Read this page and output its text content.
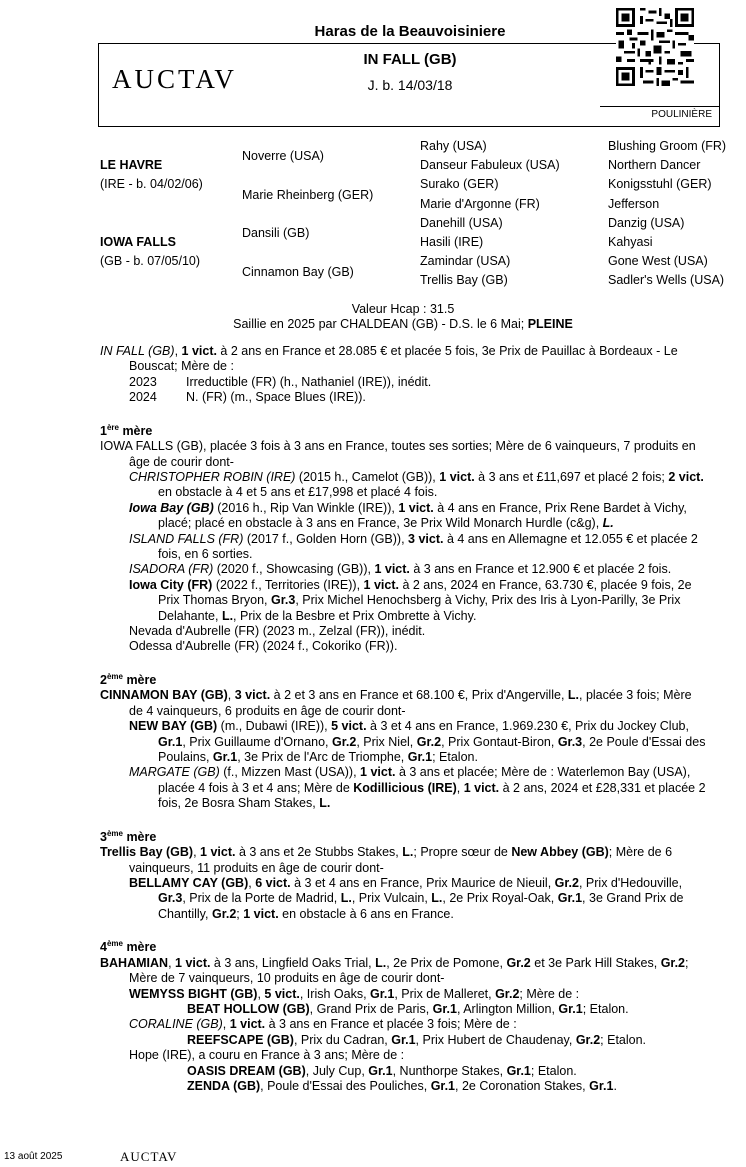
Haras de la Beauvoisiniere
AUCTAV
IN FALL (GB)
J. b. 14/03/18
POULINIÈRE
LE HAVRE
(IRE - b. 04/02/06)
IOWA FALLS
(GB - b. 07/05/10)
Noverre (USA)
Marie Rheinberg (GER)
Dansili (GB)
Cinnamon Bay (GB)
Rahy (USA)
Danseur Fabuleux (USA)
Surako (GER)
Marie d'Argonne (FR)
Danehill (USA)
Hasili (IRE)
Zamindar (USA)
Trellis Bay (GB)
Blushing Groom (FR)
Northern Dancer
Konigsstuhl (GER)
Jefferson
Danzig (USA)
Kahyasi
Gone West (USA)
Sadler's Wells (USA)
Valeur Hcap : 31.5
Saillie en 2025 par CHALDEAN (GB) - D.S. le 6 Mai; PLEINE

IN FALL (GB), 1 vict. à 2 ans en France et 28.085 € et placée 5 fois, 3e Prix de Pauillac à Bordeaux - Le Bouscat; Mère de :

2023 Irreductible (FR) (h., Nathaniel (IRE)), inédit.

2024 N. (FR) (m., Space Blues (IRE)).

1ère mère

IOWA FALLS (GB), placée 3 fois à 3 ans en France, toutes ses sorties; Mère de 6 vainqueurs, 7 produits en âge de courir dont-

CHRISTOPHER ROBIN (IRE) (2015 h., Camelot (GB)), 1 vict. à 3 ans et £11,697 et placé 2 fois; 2 vict. en obstacle à 4 et 5 ans et £17,998 et placé 4 fois.

Iowa Bay (GB) (2016 h., Rip Van Winkle (IRE)), 1 vict. à 4 ans en France, Prix Rene Bardet à Vichy, placé; placé en obstacle à 3 ans en France, 3e Prix Wild Monarch Hurdle (c&g), L.

ISLAND FALLS (FR) (2017 f., Golden Horn (GB)), 3 vict. à 4 ans en Allemagne et 12.055 € et placée 2 fois, en 6 sorties.

ISADORA (FR) (2020 f., Showcasing (GB)), 1 vict. à 3 ans en France et 12.900 € et placée 2 fois.

Iowa City (FR) (2022 f., Territories (IRE)), 1 vict. à 2 ans, 2024 en France, 63.730 €, placée 9 fois, 2e Prix Thomas Bryon, Gr.3, Prix Michel Henochsberg à Vichy, Prix des Iris à Lyon-Parilly, 3e Prix Delahante, L., Prix de la Besbre et Prix Ombrette à Vichy.

Nevada d'Aubrelle (FR) (2023 m., Zelzal (FR)), inédit.

Odessa d'Aubrelle (FR) (2024 f., Cokoriko (FR)).

2ème mère

CINNAMON BAY (GB), 3 vict. à 2 et 3 ans en France et 68.100 €, Prix d'Angerville, L., placée 3 fois; Mère de 4 vainqueurs, 6 produits en âge de courir dont-

NEW BAY (GB) (m., Dubawi (IRE)), 5 vict. à 3 et 4 ans en France, 1.969.230 €, Prix du Jockey Club, Gr.1, Prix Guillaume d'Ornano, Gr.2, Prix Niel, Gr.2, Prix Gontaut-Biron, Gr.3, 2e Poule d'Essai des Poulains, Gr.1, 3e Prix de l'Arc de Triomphe, Gr.1; Etalon.

MARGATE (GB) (f., Mizzen Mast (USA)), 1 vict. à 3 ans et placée; Mère de : Waterlemon Bay (USA), placée 4 fois à 3 et 4 ans; Mère de Kodillicious (IRE), 1 vict. à 2 ans, 2024 et £28,331 et placée 2 fois, 2e Bosra Sham Stakes, L.

3ème mère

Trellis Bay (GB), 1 vict. à 3 ans et 2e Stubbs Stakes, L.; Propre sœur de New Abbey (GB); Mère de 6 vainqueurs, 11 produits en âge de courir dont-

BELLAMY CAY (GB), 6 vict. à 3 et 4 ans en France, Prix Maurice de Nieuil, Gr.2, Prix d'Hedouville, Gr.3, Prix de la Porte de Madrid, L., Prix Vulcain, L., 2e Prix Royal-Oak, Gr.1, 3e Grand Prix de Chantilly, Gr.2; 1 vict. en obstacle à 6 ans en France.

4ème mère

BAHAMIAN, 1 vict. à 3 ans, Lingfield Oaks Trial, L., 2e Prix de Pomone, Gr.2 et 3e Park Hill Stakes, Gr.2; Mère de 7 vainqueurs, 10 produits en âge de courir dont-

WEMYSS BIGHT (GB), 5 vict., Irish Oaks, Gr.1, Prix de Malleret, Gr.2; Mère de :
BEAT HOLLOW (GB), Grand Prix de Paris, Gr.1, Arlington Million, Gr.1; Etalon.

CORALINE (GB), 1 vict. à 3 ans en France et placée 3 fois; Mère de :
REEFSCAPE (GB), Prix du Cadran, Gr.1, Prix Hubert de Chaudenay, Gr.2; Etalon.

Hope (IRE), a couru en France à 3 ans; Mère de :
OASIS DREAM (GB), July Cup, Gr.1, Nunthorpe Stakes, Gr.1; Etalon.
ZENDA (GB), Poule d'Essai des Pouliches, Gr.1, 2e Coronation Stakes, Gr.1.

13 août 2025	AUCTAV
